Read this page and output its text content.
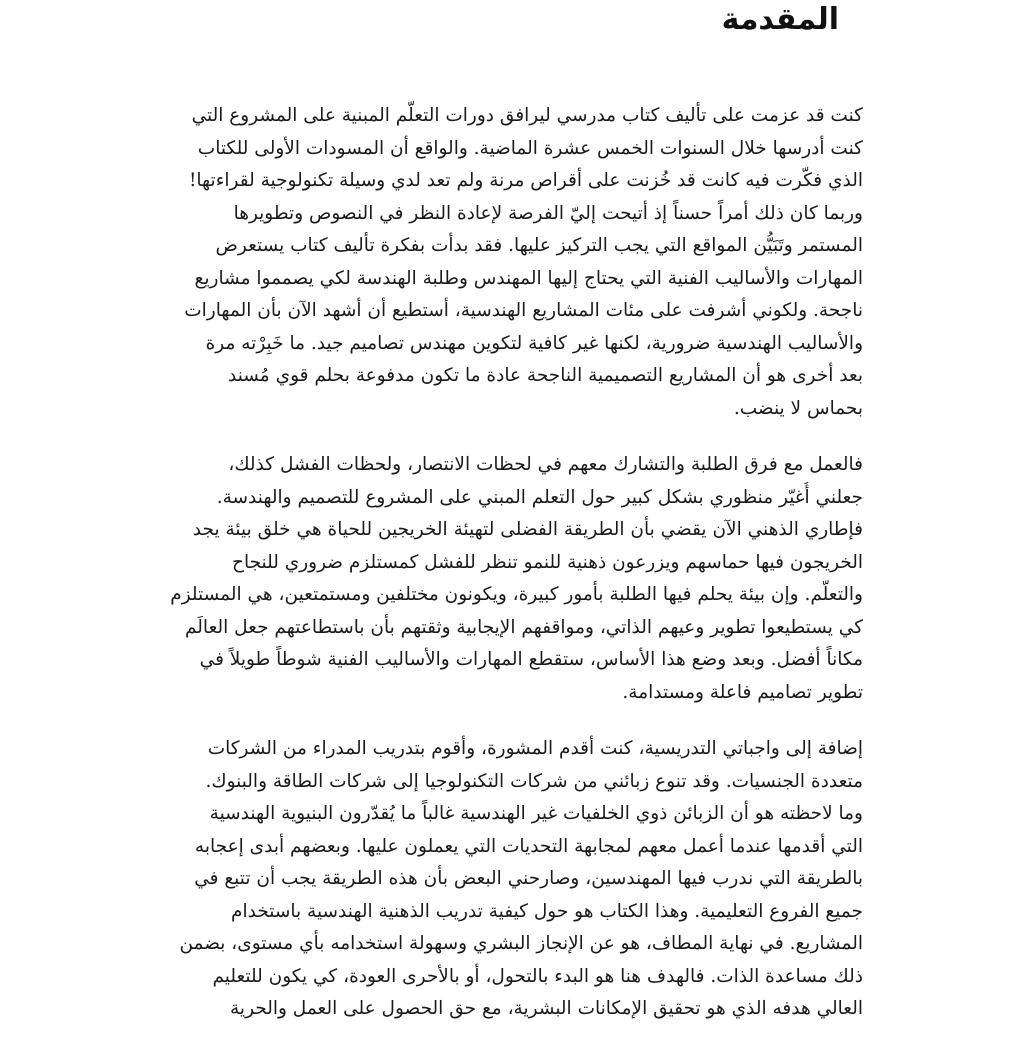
المقدمة

كنت قد عزمت على تأليف كتاب مدرسي ليرافق دورات التعلّم المبنية على المشروع التي
كنت أدرسها خلال السنوات الخمس عشرة الماضية. والواقع أن المسودات الأولى للكتاب
الذي فكّرت فيه كانت قد خُزنت على أقراص مرنة ولم تعد لدي وسيلة تكنولوجية لقراءتها!
وربما كان ذلك أمراً حسناً إذ أتيحت إليّ الفرصة لإعادة النظر في النصوص وتطويرها
المستمر وتَبَيُّن المواقع التي يجب التركيز عليها. فقد بدأت بفكرة تأليف كتاب يستعرض
المهارات والأساليب الفنية التي يحتاج إليها المهندس وطلبة الهندسة لكي يصمموا مشاريع
ناجحة. ولكوني أشرفت على مئات المشاريع الهندسية، أستطيع أن أشهد الآن بأن المهارات
والأساليب الهندسية ضرورية، لكنها غير كافية لتكوين مهندس تصاميم جيد. ما خَبِرْته مرة
بعد أخرى هو أن المشاريع التصميمية الناجحة عادة ما تكون مدفوعة بحلم قوي مُسند
بحماس لا ينضب.

فالعمل مع فرق الطلبة والتشارك معهم في لحظات الانتصار، ولحظات الفشل كذلك،
جعلني أُغيّر منظوري بشكل كبير حول التعلم المبني على المشروع للتصميم والهندسة.
فإطاري الذهني الآن يقضي بأن الطريقة الفضلى لتهيئة الخريجين للحياة هي خلق بيئة يجد
الخريجون فيها حماسهم ويزرعون ذهنية للنمو تنظر للفشل كمستلزم ضروري للنجاح
والتعلّم. وإن بيئة يحلم فيها الطلبة بأمور كبيرة، ويكونون مختلفين ومستمتعين، هي المستلزم
كي يستطيعوا تطوير وعيهم الذاتي، ومواقفهم الإيجابية وثقتهم بأن باستطاعتهم جعل العالَم
مكاناً أفضل. وبعد وضع هذا الأساس، ستقطع المهارات والأساليب الفنية شوطاً طويلاً في
تطوير تصاميم فاعلة ومستدامة.

إضافة إلى واجباتي التدريسية، كنت أقدم المشورة، وأقوم بتدريب المدراء من الشركات
متعددة الجنسيات. وقد تنوع زبائني من شركات التكنولوجيا إلى شركات الطاقة والبنوك.
وما لاحظته هو أن الزبائن ذوي الخلفيات غير الهندسية غالباً ما يُقدّرون البنيوية الهندسية
التي أقدمها عندما أعمل معهم لمجابهة التحديات التي يعملون عليها. وبعضهم أبدى إعجابه
بالطريقة التي ندرب فيها المهندسين، وصارحني البعض بأن هذه الطريقة يجب أن تتبع في
جميع الفروع التعليمية. وهذا الكتاب هو حول كيفية تدريب الذهنية الهندسية باستخدام
المشاريع. في نهاية المطاف، هو عن الإنجاز البشري وسهولة استخدامه بأي مستوى، بضمن
ذلك مساعدة الذات. فالهدف هنا هو البدء بالتحول، أو بالأحرى العودة، كي يكون للتعليم
العالي هدفه الذي هو تحقيق الإمكانات البشرية، مع حق الحصول على العمل والحرية
